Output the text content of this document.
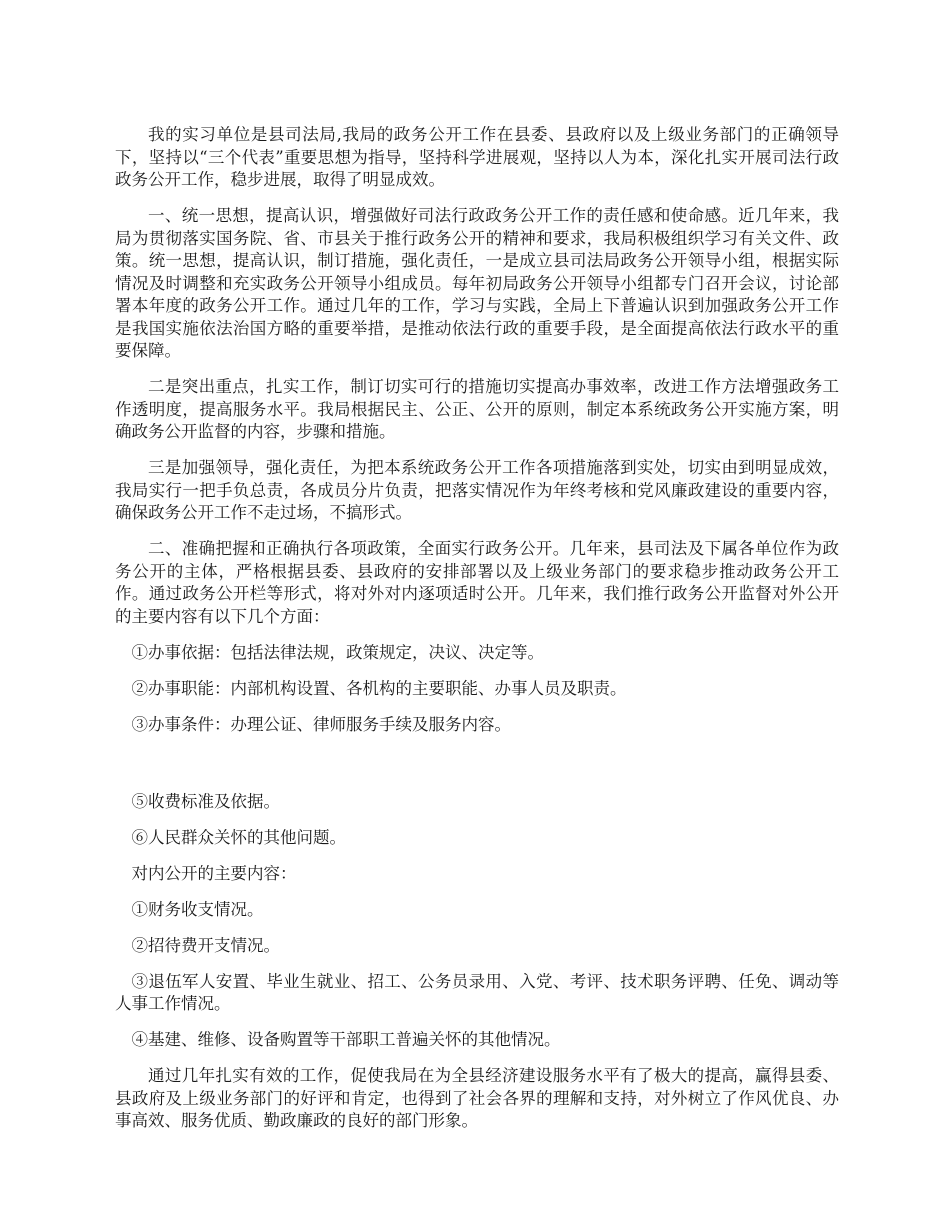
我的实习单位是县司法局,我局的政务公开工作在县委、县政府以及上级业务部门的正确领导下，坚持以“三个代表”重要思想为指导，坚持科学进展观，坚持以人为本，深化扎实开展司法行政政务公开工作，稳步进展，取得了明显成效。

一、统一思想，提高认识，增强做好司法行政政务公开工作的责任感和使命感。近几年来，我局为贯彻落实国务院、省、市县关于推行政务公开的精神和要求，我局积极组织学习有关文件、政策。统一思想，提高认识，制订措施，强化责任，一是成立县司法局政务公开领导小组，根据实际情况及时调整和充实政务公开领导小组成员。每年初局政务公开领导小组都专门召开会议，讨论部署本年度的政务公开工作。通过几年的工作，学习与实践，全局上下普遍认识到加强政务公开工作是我国实施依法治国方略的重要举措，是推动依法行政的重要手段，是全面提高依法行政水平的重要保障。

二是突出重点，扎实工作，制订切实可行的措施切实提高办事效率，改进工作方法增强政务工作透明度，提高服务水平。我局根据民主、公正、公开的原则，制定本系统政务公开实施方案，明确政务公开监督的内容，步骤和措施。

三是加强领导，强化责任，为把本系统政务公开工作各项措施落到实处，切实由到明显成效，我局实行一把手负总责，各成员分片负责，把落实情况作为年终考核和党风廉政建设的重要内容，确保政务公开工作不走过场，不搞形式。

二、准确把握和正确执行各项政策，全面实行政务公开。几年来，县司法及下属各单位作为政务公开的主体，严格根据县委、县政府的安排部署以及上级业务部门的要求稳步推动政务公开工作。通过政务公开栏等形式，将对外对内逐项适时公开。几年来，我们推行政务公开监督对外公开的主要内容有以下几个方面：

①办事依据：包括法律法规，政策规定，决议、决定等。

②办事职能：内部机构设置、各机构的主要职能、办事人员及职责。

③办事条件：办理公证、律师服务手续及服务内容。

⑤收费标准及依据。

⑥人民群众关怀的其他问题。

对内公开的主要内容：

①财务收支情况。

②招待费开支情况。

③退伍军人安置、毕业生就业、招工、公务员录用、入党、考评、技术职务评聘、任免、调动等人事工作情况。

④基建、维修、设备购置等干部职工普遍关怀的其他情况。

通过几年扎实有效的工作，促使我局在为全县经济建设服务水平有了极大的提高，赢得县委、县政府及上级业务部门的好评和肯定，也得到了社会各界的理解和支持，对外树立了作风优良、办事高效、服务优质、勤政廉政的良好的部门形象。
